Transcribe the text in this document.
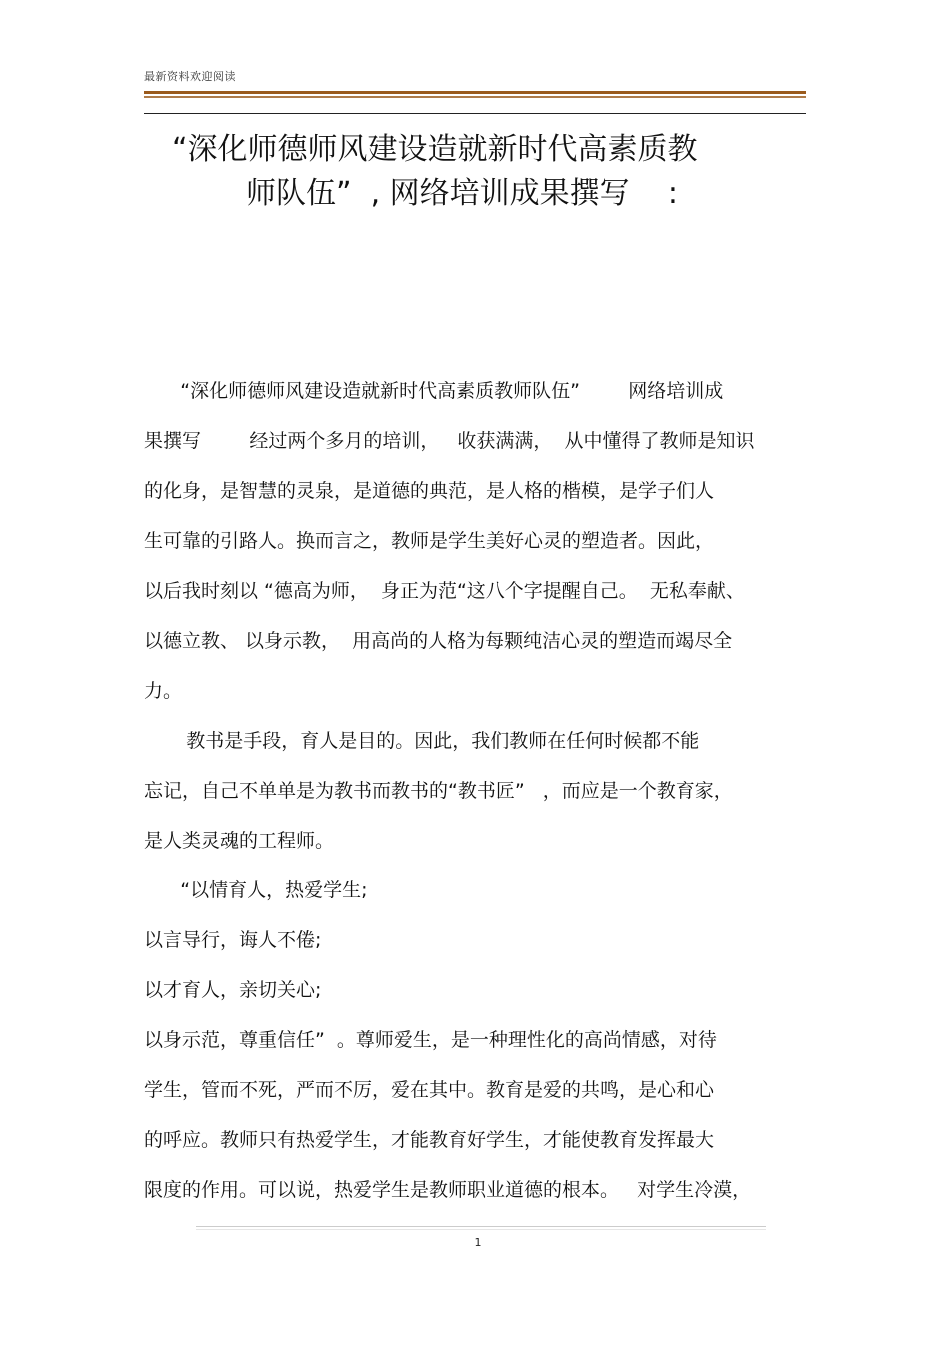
最新资料欢迎阅读
“深化师德师风建设造就新时代高素质教
师队伍”  , 网络培训成果撰写    :
“深化师德师风建设造就新时代高素质教师队伍”        网络培训成
果撰写        经过两个多月的培训，   收获满满，  从中懂得了教师是知识
的化身，是智慧的灵泉，是道德的典范，是人格的楷模，是学子们人
生可靠的引路人。换而言之，教师是学生美好心灵的塑造者。因此，
以后我时刻以 “德高为师，  身正为范“这八个字提醒自己。  无私奉献、
以德立教、 以身示教，  用高尚的人格为每颗纯洁心灵的塑造而竭尽全
力。
教书是手段，育人是目的。因此，我们教师在任何时候都不能
忘记，自己不单单是为教书而教书的“教书匠”   ，而应是一个教育家，
是人类灵魂的工程师。
“以情育人，热爱学生;
以言导行，诲人不倦;
以才育人，亲切关心;
以身示范，尊重信任”  。尊师爱生，是一种理性化的高尚情感，对待
学生，管而不死，严而不厉，爱在其中。教育是爱的共鸣，是心和心
的呼应。教师只有热爱学生，才能教育好学生，才能使教育发挥最大
限度的作用。可以说，热爱学生是教师职业道德的根本。   对学生冷漠，
1
